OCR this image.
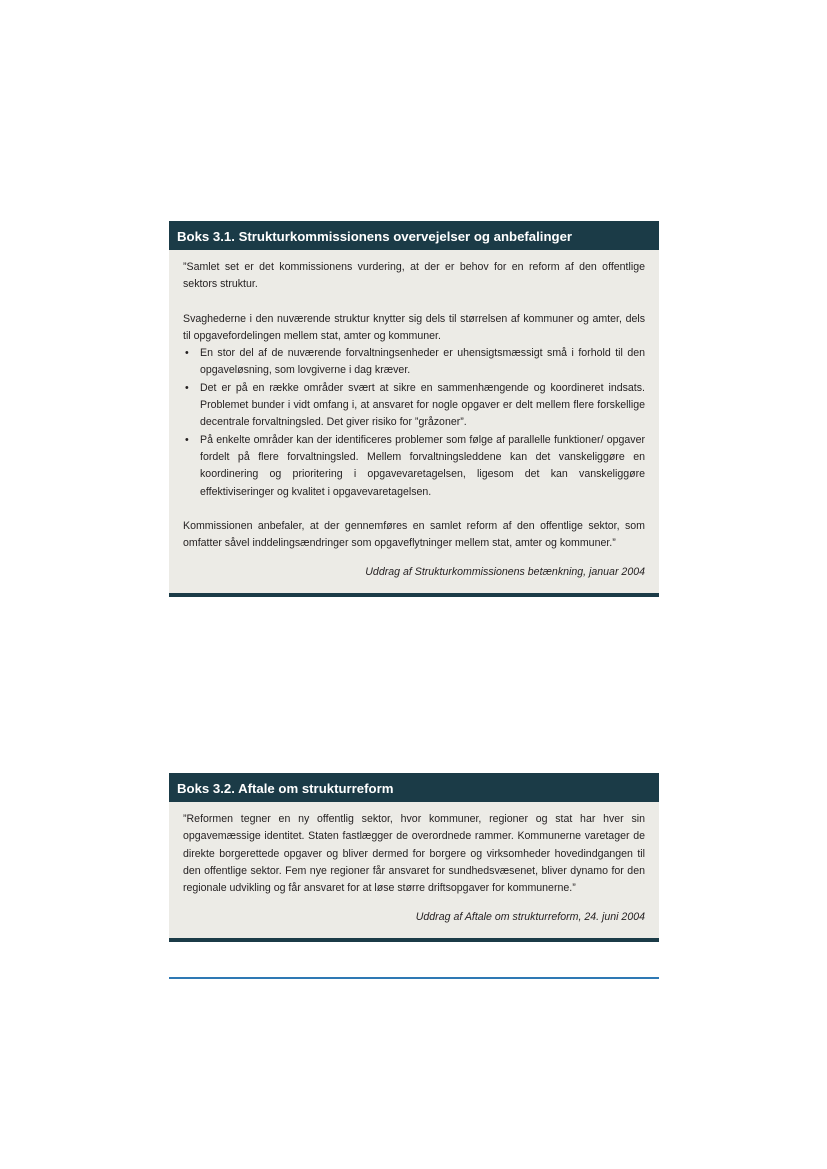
Boks 3.1. Strukturkommissionens overvejelser og anbefalinger

”Samlet set er det kommissionens vurdering, at der er behov for en reform af den offentlige sektors struktur.

Svaghederne i den nuværende struktur knytter sig dels til størrelsen af kommuner og amter, dels til opgavefordelingen mellem stat, amter og kommuner.

• En stor del af de nuværende forvaltningsenheder er uhensigtsmæssigt små i forhold til den opgaveløsning, som lovgiverne i dag kræver.
• Det er på en række områder svært at sikre en sammenhængende og koordineret indsats. Problemet bunder i vidt omfang i, at ansvaret for nogle opgaver er delt mellem flere forskellige decentrale forvaltningsled. Det giver risiko for ”gråzoner”.
• På enkelte områder kan der identificeres problemer som følge af parallelle funktioner/ opgaver fordelt på flere forvaltningsled. Mellem forvaltningsleddene kan det vanskeliggøre en koordinering og prioritering i opgavevaretagelsen, ligesom det kan vanskeliggøre effektiviseringer og kvalitet i opgavevaretagelsen.

Kommissionen anbefaler, at der gennemføres en samlet reform af den offentlige sektor, som omfatter såvel inddelingsændringer som opgaveflytninger mellem stat, amter og kommuner.”

Uddrag af Strukturkommissionens betænkning, januar 2004
Boks 3.2. Aftale om strukturreform

”Reformen tegner en ny offentlig sektor, hvor kommuner, regioner og stat har hver sin opgavemæssige identitet. Staten fastlægger de overordnede rammer. Kommunerne varetager de direkte borgerettede opgaver og bliver dermed for borgere og virksomheder hovedindgangen til den offentlige sektor. Fem nye regioner får ansvaret for sundhedsvæsenet, bliver dynamo for den regionale udvikling og får ansvaret for at løse større driftsopgaver for kommunerne.”

Uddrag af Aftale om strukturreform, 24. juni 2004
